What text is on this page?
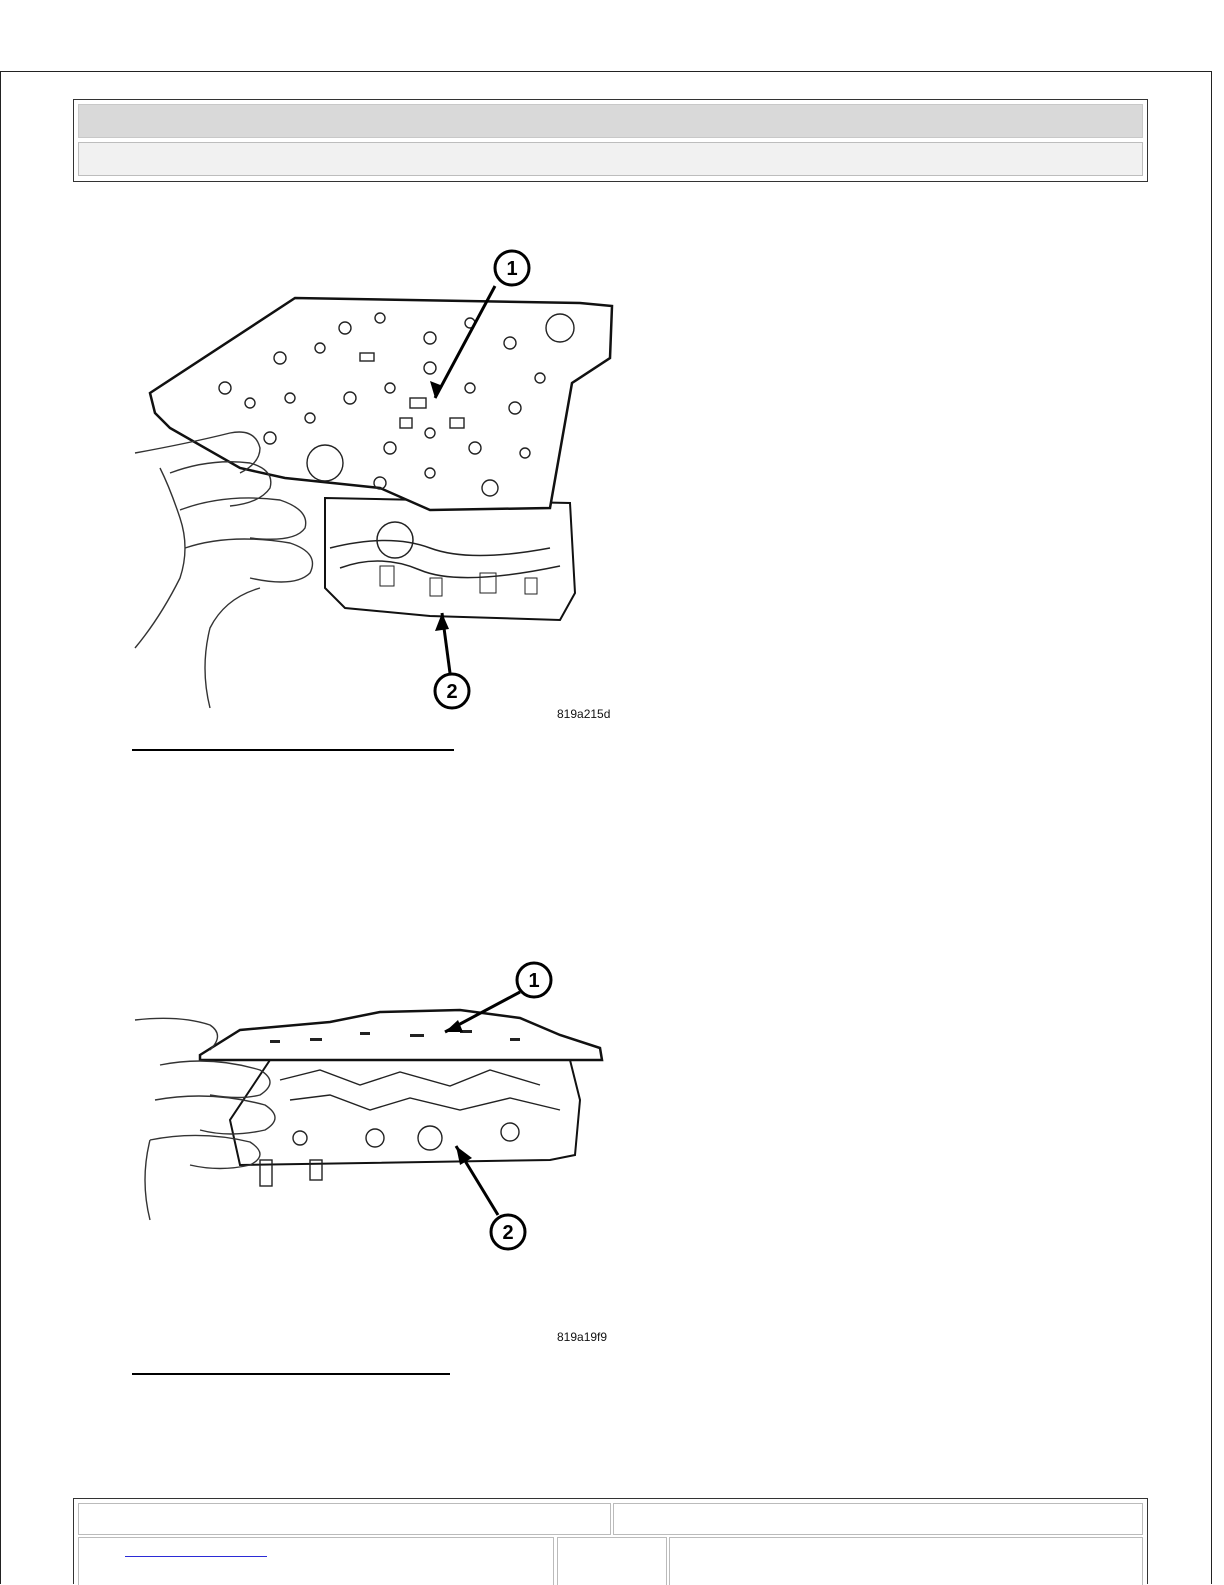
1
2
819a215d
1
2
819a19f9
